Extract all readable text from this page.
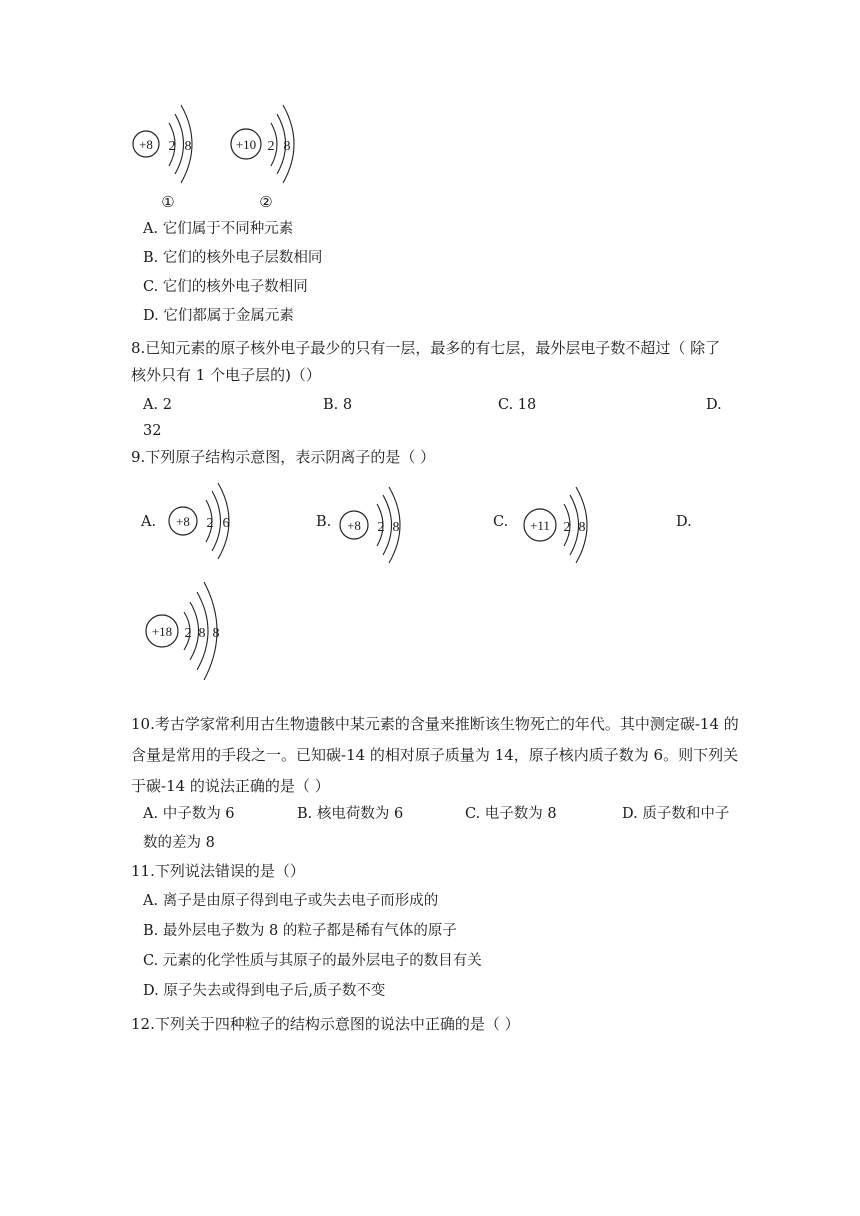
+8 2 8
①
+10 2 8
②
A. 它们属于不同种元素
B. 它们的核外电子层数相同
C. 它们的核外电子数相同
D. 它们都属于金属元素
8.已知元素的原子核外电子最少的只有一层，最多的有七层，最外层电子数不超过（ 除了
核外只有 1 个电子层的)（）
A. 2	B. 8	C. 18	D.
32
9.下列原子结构示意图，表示阴离子的是（ ）
A. +8 2 6	B. +8 2 8	C. +11 2 8	D.
+18 2 8 8
10.考古学家常利用古生物遗骸中某元素的含量来推断该生物死亡的年代。其中测定碳-14 的
含量是常用的手段之一。已知碳-14 的相对原子质量为 14，原子核内质子数为 6。则下列关
于碳-14 的说法正确的是（ ）
A. 中子数为 6	B. 核电荷数为 6	C. 电子数为 8	D. 质子数和中子
数的差为 8
11.下列说法错误的是（）
A. 离子是由原子得到电子或失去电子而形成的
B. 最外层电子数为 8 的粒子都是稀有气体的原子
C. 元素的化学性质与其原子的最外层电子的数目有关
D. 原子失去或得到电子后,质子数不变
12.下列关于四种粒子的结构示意图的说法中正确的是（ ）
